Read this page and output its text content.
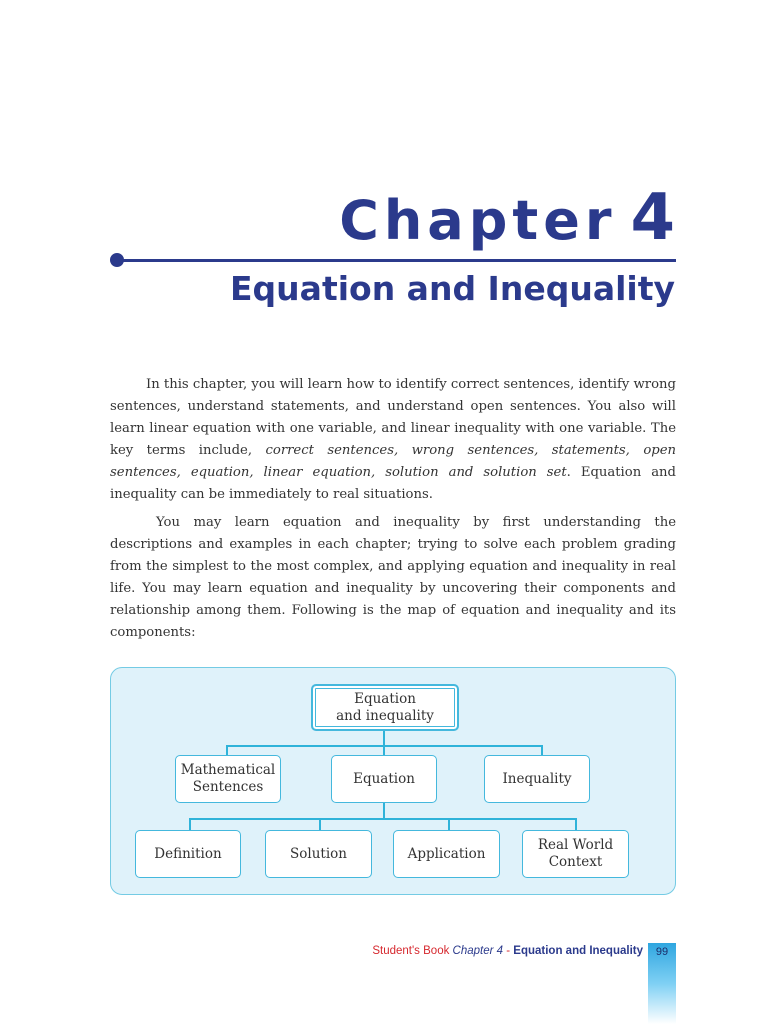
Chapter 4
Equation and Inequality

In this chapter, you will learn how to identify correct sentences, identify wrong sentences, understand statements, and understand open sentences. You also will learn linear equation with one variable, and linear inequality with one variable. The key terms include, correct sentences, wrong sentences, statements, open sentences, equation, linear equation, solution and solution set. Equation and inequality can be immediately to real situations.

You may learn equation and inequality by first understanding the descriptions and examples in each chapter; trying to solve each problem grading from the simplest to the most complex, and applying equation and inequality in real life. You may learn equation and inequality by uncovering their components and relationship among them. Following is the map of equation and inequality and its components:

Equation
and inequality
Mathematical
Sentences
Equation	Inequality
Definition	Solution	Application
Real World
Context
Student's Book Chapter 4 - Equation and Inequality	99
